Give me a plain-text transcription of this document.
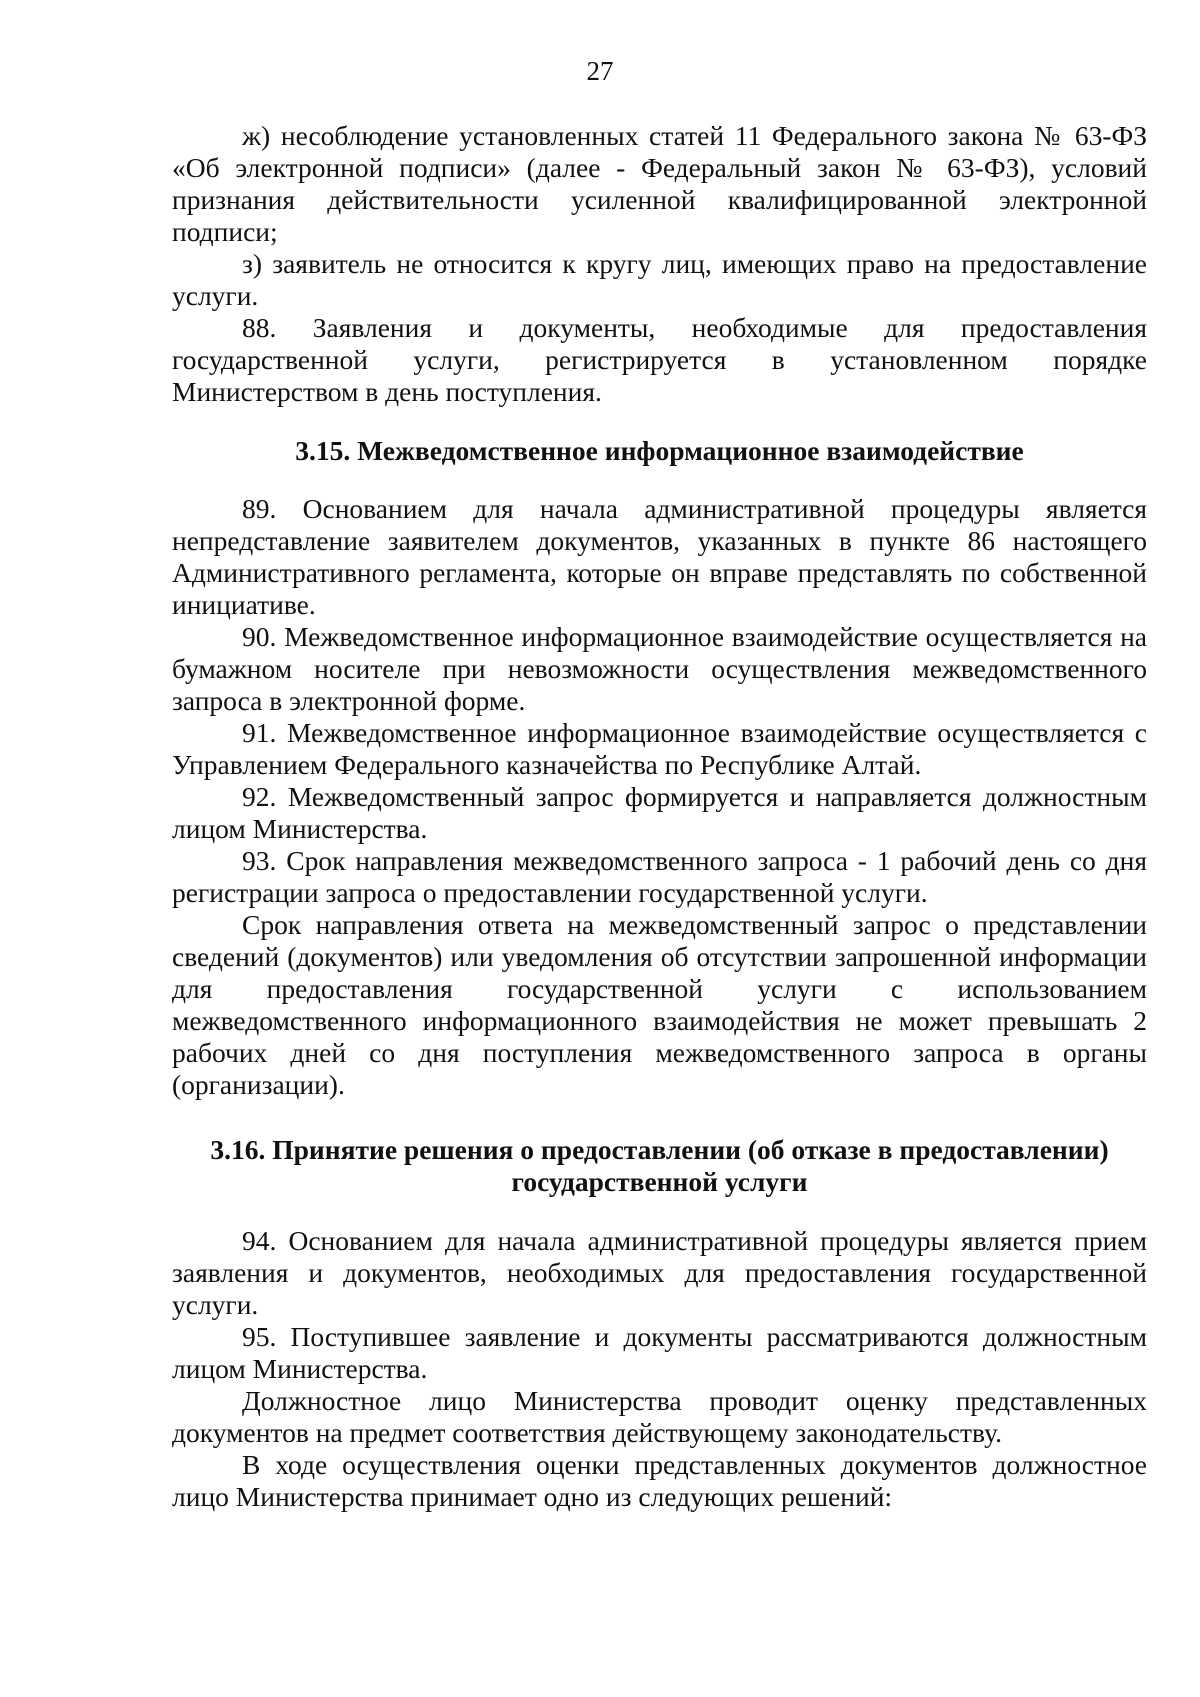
27

ж) несоблюдение установленных статей 11 Федерального закона № 63-ФЗ «Об электронной подписи» (далее - Федеральный закон № 63-ФЗ), условий признания действительности усиленной квалифицированной электронной подписи;

з) заявитель не относится к кругу лиц, имеющих право на предоставление услуги.

88. Заявления и документы, необходимые для предоставления государственной услуги, регистрируется в установленном порядке Министерством в день поступления.

3.15. Межведомственное информационное взаимодействие

89. Основанием для начала административной процедуры является непредставление заявителем документов, указанных в пункте 86 настоящего Административного регламента, которые он вправе представлять по собственной инициативе.

90. Межведомственное информационное взаимодействие осуществляется на бумажном носителе при невозможности осуществления межведомственного запроса в электронной форме.

91. Межведомственное информационное взаимодействие осуществляется с Управлением Федерального казначейства по Республике Алтай.

92. Межведомственный запрос формируется и направляется должностным лицом Министерства.

93. Срок направления межведомственного запроса - 1 рабочий день со дня регистрации запроса о предоставлении государственной услуги.

Срок направления ответа на межведомственный запрос о представлении сведений (документов) или уведомления об отсутствии запрошенной информации для предоставления государственной услуги с использованием межведомственного информационного взаимодействия не может превышать 2 рабочих дней со дня поступления межведомственного запроса в органы (организации).

3.16. Принятие решения о предоставлении (об отказе в предоставлении) государственной услуги

94. Основанием для начала административной процедуры является прием заявления и документов, необходимых для предоставления государственной услуги.

95. Поступившее заявление и документы рассматриваются должностным лицом Министерства.

Должностное лицо Министерства проводит оценку представленных документов на предмет соответствия действующему законодательству.

В ходе осуществления оценки представленных документов должностное лицо Министерства принимает одно из следующих решений:
